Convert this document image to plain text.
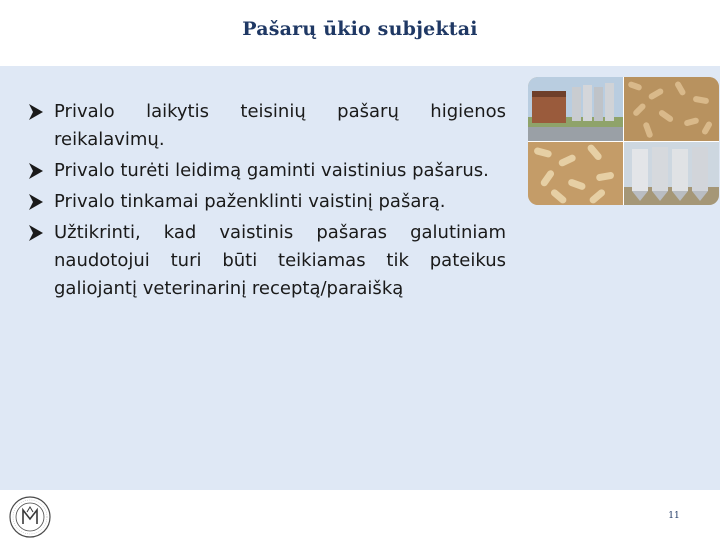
Pašarų ūkio subjektai
Privalo laikytis teisinių pašarų higienos reikalavimų.
Privalo turėti leidimą gaminti vaistinius pašarus.
Privalo tinkamai paženklinti vaistinį pašarą.
Užtikrinti, kad vaistinis pašaras galutiniam naudotojui turi būti teikiamas tik pateikus galiojantį veterinarinį receptą/paraišką
11
